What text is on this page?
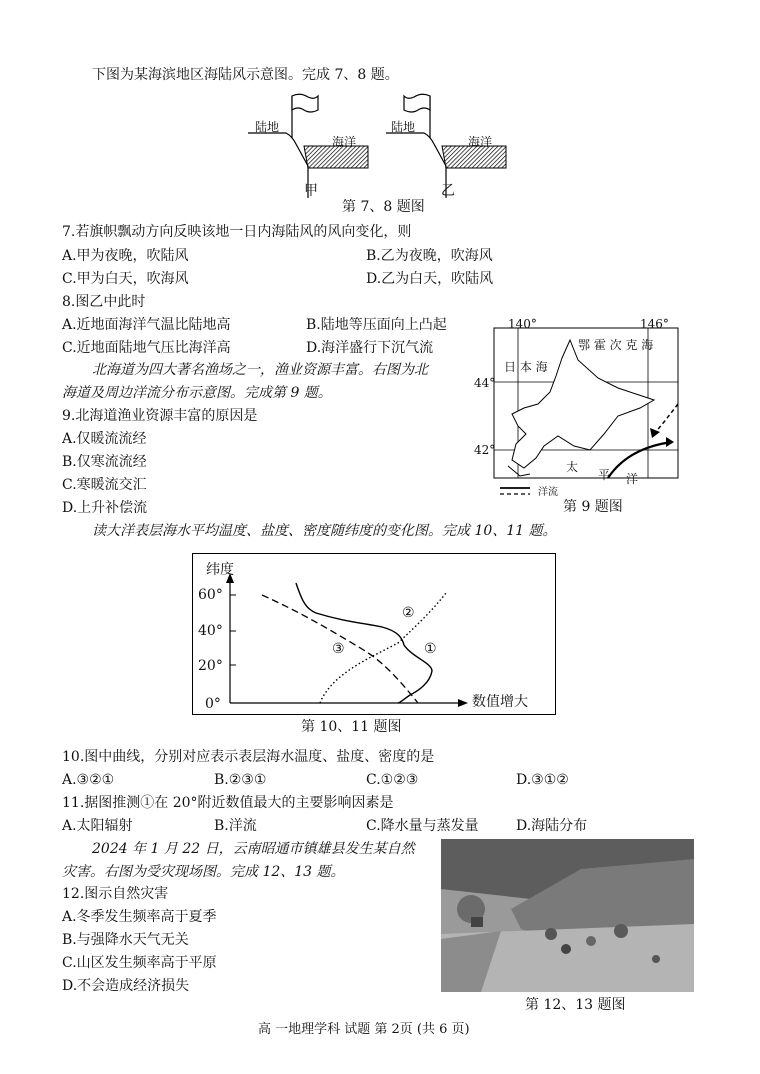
下图为某海滨地区海陆风示意图。完成 7、8 题。
陆地
海洋
甲
陆地
海洋
乙
第 7、8 题图
7.若旗帜飘动方向反映该地一日内海陆风的风向变化，则
A.甲为夜晚，吹陆风	B.乙为夜晚，吹海风
C.甲为白天，吹海风	D.乙为白天，吹陆风
8.图乙中此时
A.近地面海洋气温比陆地高	B.陆地等压面向上凸起
C.近地面陆地气压比海洋高	D.海洋盛行下沉气流
北海道为四大著名渔场之一，渔业资源丰富。右图为北
海道及周边洋流分布示意图。完成第 9 题。
9.北海道渔业资源丰富的原因是
A.仅暖流流经
B.仅寒流流经
C.寒暖流交汇
D.上升补偿流
140°	146°
44°
42°
鄂 霍 次 克 海
日 本 海
太
平 洋
洋流
第 9 题图
读大洋表层海水平均温度、盐度、密度随纬度的变化图。完成 10、11 题。
纬度
数值增大
60°
40°
20°
0°
①
②
③
第 10、11 题图
10.图中曲线，分别对应表示表层海水温度、盐度、密度的是
A.③②①	B.②③①	C.①②③	D.③①②
11.据图推测①在 20°附近数值最大的主要影响因素是
A.太阳辐射	B.洋流	C.降水量与蒸发量	D.海陆分布
2024 年 1 月 22 日，云南昭通市镇雄县发生某自然
灾害。右图为受灾现场图。完成 12、13 题。
12.图示自然灾害
A.冬季发生频率高于夏季
B.与强降水天气无关
C.山区发生频率高于平原
D.不会造成经济损失
第 12、13 题图
高 一地理学科 试题 第 2页 (共 6 页)
